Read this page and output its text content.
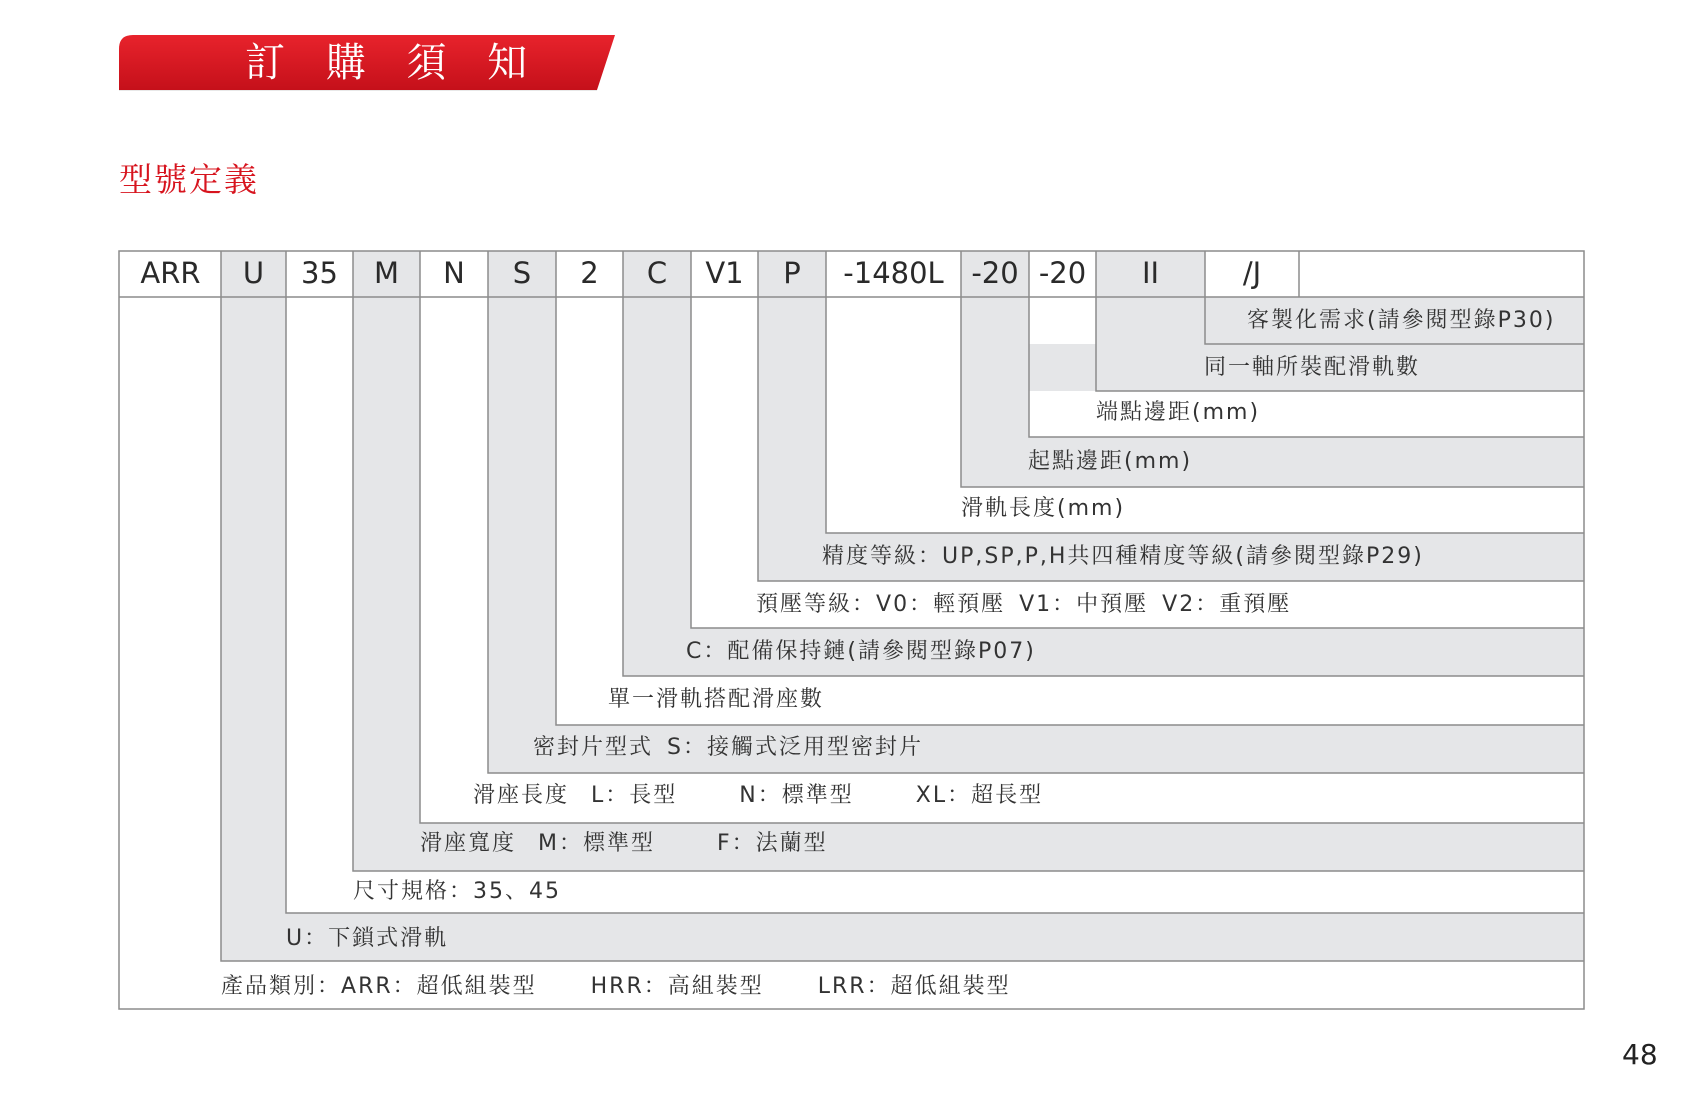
訂 購 須 知
型號定義
ARR	U	35	M	N	S	2	C	V1	P	-1480L -20 -20	II	/J
客製化需求(請參閱型錄P30)
同一軸所裝配滑軌數
端點邊距(mm)
起點邊距(mm)
滑軌長度(mm)
精度等級：UP,SP,P,H共四種精度等級(請參閱型錄P29)
預壓等級：V0：輕預壓 V1：中預壓 V2：重預壓
C：配備保持鏈(請參閱型錄P07)
單一滑軌搭配滑座數
密封片型式 S：接觸式泛用型密封片
滑座長度 L：長型	N：標準型	XL：超長型
滑座寬度 M：標準型	F：法蘭型
尺寸規格：35、45
U：下鎖式滑軌
產品類別：ARR：超低組裝型 HRR：高組裝型 LRR：超低組裝型
48
